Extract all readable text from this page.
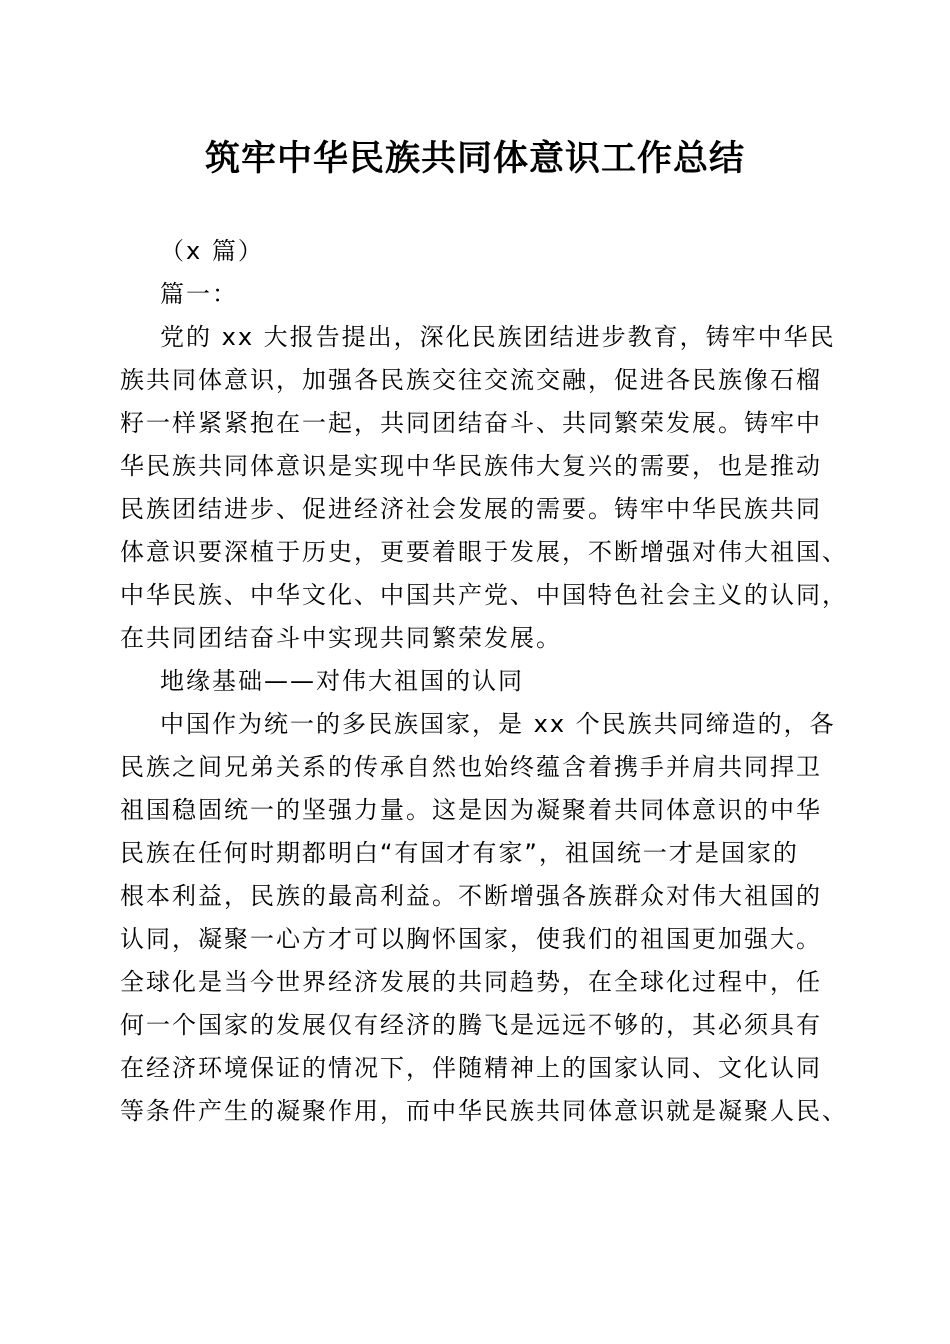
筑牢中华民族共同体意识工作总结
（x 篇）
篇一：
党的 xx 大报告提出，深化民族团结进步教育，铸牢中华民
族共同体意识，加强各民族交往交流交融，促进各民族像石榴
籽一样紧紧抱在一起，共同团结奋斗、共同繁荣发展。铸牢中
华民族共同体意识是实现中华民族伟大复兴的需要，也是推动
民族团结进步、促进经济社会发展的需要。铸牢中华民族共同
体意识要深植于历史，更要着眼于发展，不断增强对伟大祖国、
中华民族、中华文化、中国共产党、中国特色社会主义的认同，
在共同团结奋斗中实现共同繁荣发展。
地缘基础——对伟大祖国的认同
中国作为统一的多民族国家，是 xx 个民族共同缔造的，各
民族之间兄弟关系的传承自然也始终蕴含着携手并肩共同捍卫
祖国稳固统一的坚强力量。这是因为凝聚着共同体意识的中华
民族在任何时期都明白“有国才有家”，祖国统一才是国家的
根本利益，民族的最高利益。不断增强各族群众对伟大祖国的
认同，凝聚一心方才可以胸怀国家，使我们的祖国更加强大。
全球化是当今世界经济发展的共同趋势，在全球化过程中，任
何一个国家的发展仅有经济的腾飞是远远不够的，其必须具有
在经济环境保证的情况下，伴随精神上的国家认同、文化认同
等条件产生的凝聚作用，而中华民族共同体意识就是凝聚人民、
